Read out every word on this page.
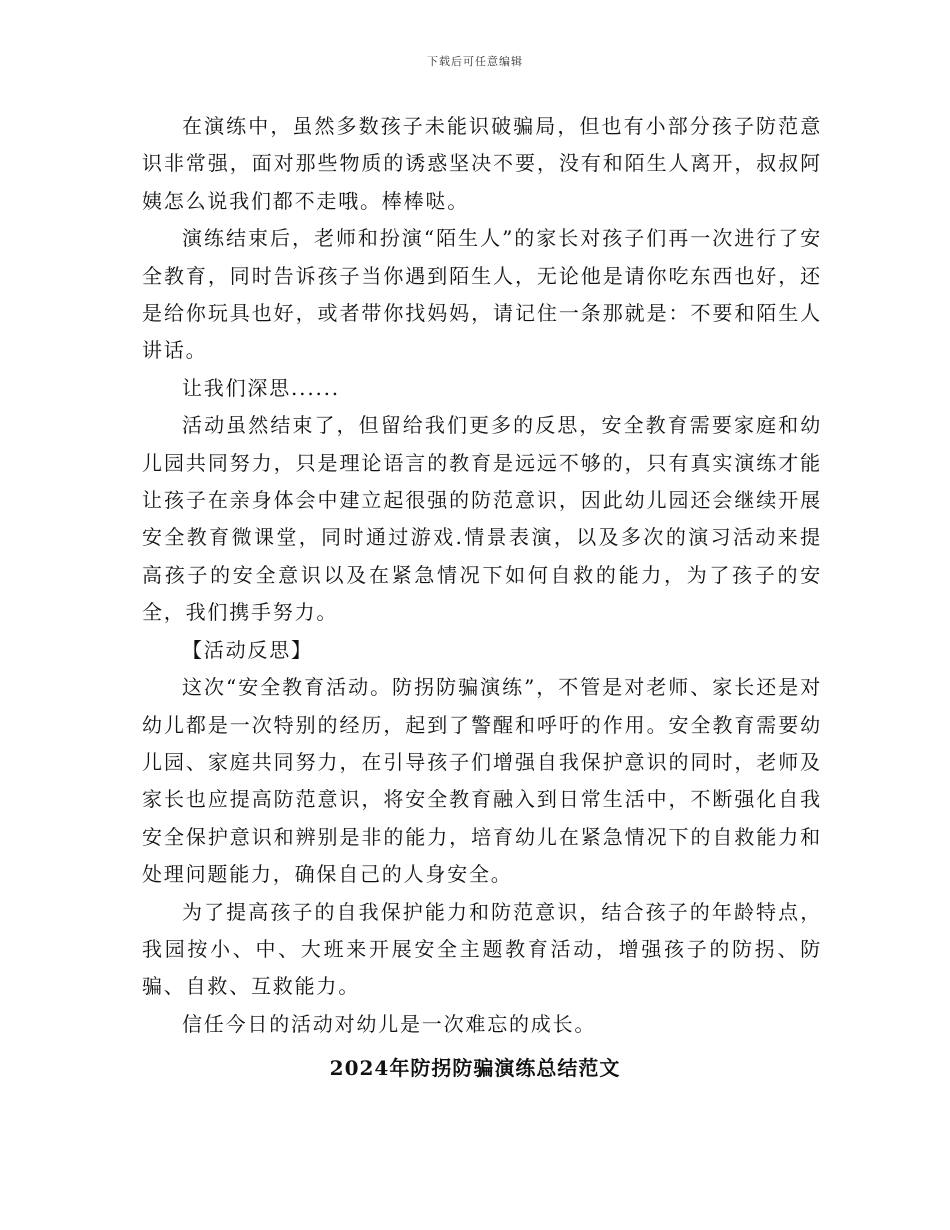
下载后可任意编辑

在演练中，虽然多数孩子未能识破骗局，但也有小部分孩子防范意识非常强，面对那些物质的诱惑坚决不要，没有和陌生人离开，叔叔阿姨怎么说我们都不走哦。棒棒哒。

演练结束后，老师和扮演“陌生人”的家长对孩子们再一次进行了安全教育，同时告诉孩子当你遇到陌生人，无论他是请你吃东西也好，还是给你玩具也好，或者带你找妈妈，请记住一条那就是：不要和陌生人讲话。

让我们深思......

活动虽然结束了，但留给我们更多的反思，安全教育需要家庭和幼儿园共同努力，只是理论语言的教育是远远不够的，只有真实演练才能让孩子在亲身体会中建立起很强的防范意识，因此幼儿园还会继续开展安全教育微课堂，同时通过游戏.情景表演，以及多次的演习活动来提高孩子的安全意识以及在紧急情况下如何自救的能力，为了孩子的安全，我们携手努力。

【活动反思】

这次“安全教育活动。防拐防骗演练”，不管是对老师、家长还是对幼儿都是一次特别的经历，起到了警醒和呼吁的作用。安全教育需要幼儿园、家庭共同努力，在引导孩子们增强自我保护意识的同时，老师及家长也应提高防范意识，将安全教育融入到日常生活中，不断强化自我安全保护意识和辨别是非的能力，培育幼儿在紧急情况下的自救能力和处理问题能力，确保自己的人身安全。

为了提高孩子的自我保护能力和防范意识，结合孩子的年龄特点，我园按小、中、大班来开展安全主题教育活动，增强孩子的防拐、防骗、自救、互救能力。

信任今日的活动对幼儿是一次难忘的成长。

2024年防拐防骗演练总结范文
